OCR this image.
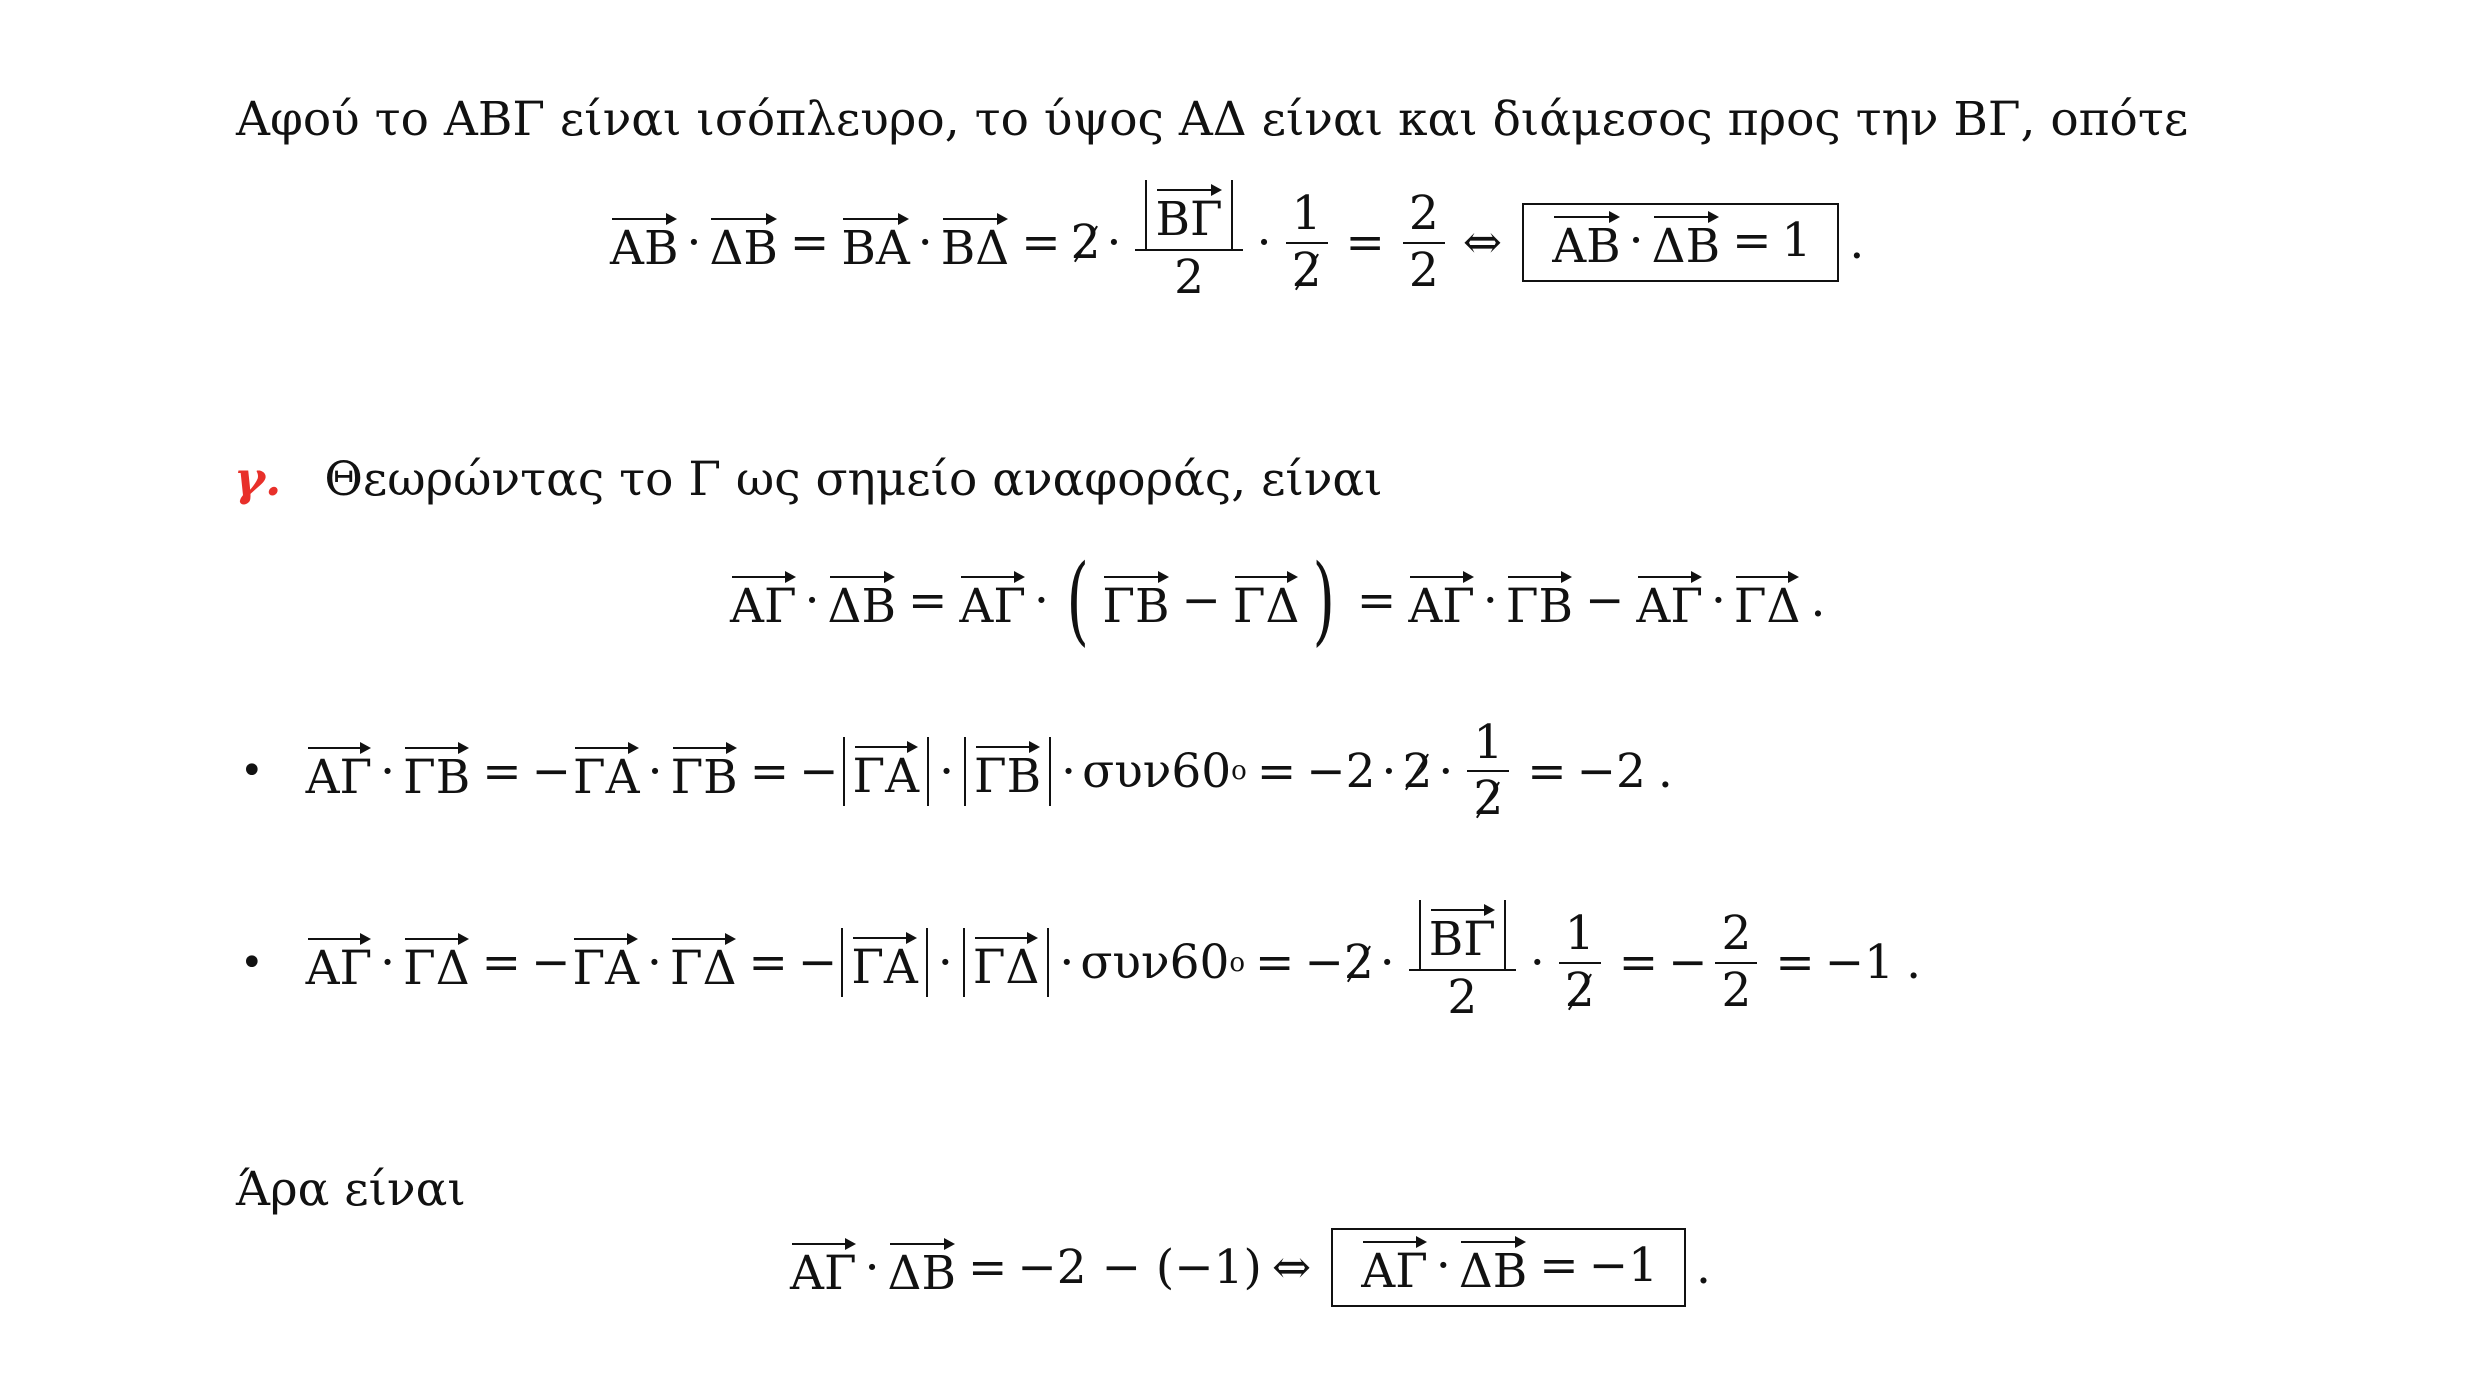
Αφού το ΑΒΓ είναι ισόπλευρο, το ύψος ΑΔ είναι και διάμεσος προς την ΒΓ, οπότε
$AB \cdot \Delta B = BA \cdot B\Delta = 2 \cdot \frac{B\Gamma}{2} \cdot \frac{1}{2} = \frac{2}{2}$ ⇔ ΑΒ · ΔΒ = 1 .
γ. Θεωρώντας το Γ ως σημείο αναφοράς, είναι
ΑΓ · ΔΒ = ΑΓ · ( ΓΒ − ΓΔ ) = ΑΓ · ΓΒ − ΑΓ · ΓΔ .
• ΑΓ · ΓΒ = − ΓΑ · ΓΒ = − ΓΑ · ΓΒ · συν60 $o = -2 \cdot 2 \cdot \frac{1}{2} = -2$ .
• ΑΓ · ΓΔ = − ΓΑ · ΓΔ = − ΓΑ · ΓΔ · συν60 ο = − $2 \cdot \frac{B\Gamma}{2} \cdot \frac{1}{2}$ = − $\frac{2}{2} = -1$ .
Άρα είναι
ΑΓ · ΔΒ = −2 − (−1) ⇔ ΑΓ · ΔΒ = −1 .
